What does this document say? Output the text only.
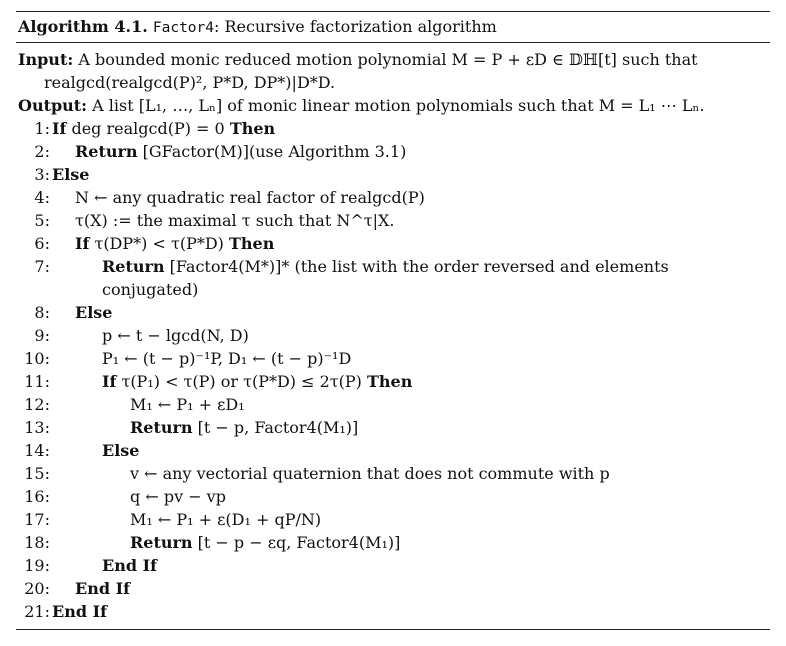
Algorithm 4.1. Factor4: Recursive factorization algorithm
Input: A bounded monic reduced motion polynomial M = P + εD ∈ 𝔻ℍ[t] such that
realgcd(realgcd(P)², P*D, DP*)|D*D.
Output: A list [L₁, …, Lₙ] of monic linear motion polynomials such that M = L₁ ⋯ Lₙ.
1: If deg realgcd(P) = 0 Then
2: Return [GFactor(M)](use Algorithm 3.1)
3: Else
4: N ← any quadratic real factor of realgcd(P)
5: τ(X) := the maximal τ such that N^τ|X.
6: If τ(DP*) < τ(P*D) Then
7:	Return [Factor4(M*)]* (the list with the order reversed and elements
conjugated)
8: Else
9:	p ← t − lgcd(N, D)
10:	P₁ ← (t − p)⁻¹P, D₁ ← (t − p)⁻¹D
11:	If τ(P₁) < τ(P) or τ(P*D) ≤ 2τ(P) Then
12:	M₁ ← P₁ + εD₁
13:	Return [t − p, Factor4(M₁)]
14:	Else
15:	v ← any vectorial quaternion that does not commute with p
16:	q ← pv − vp
17:	M₁ ← P₁ + ε(D₁ + qP/N)
18:	Return [t − p − εq, Factor4(M₁)]
19:	End If
20: End If
21: End If
